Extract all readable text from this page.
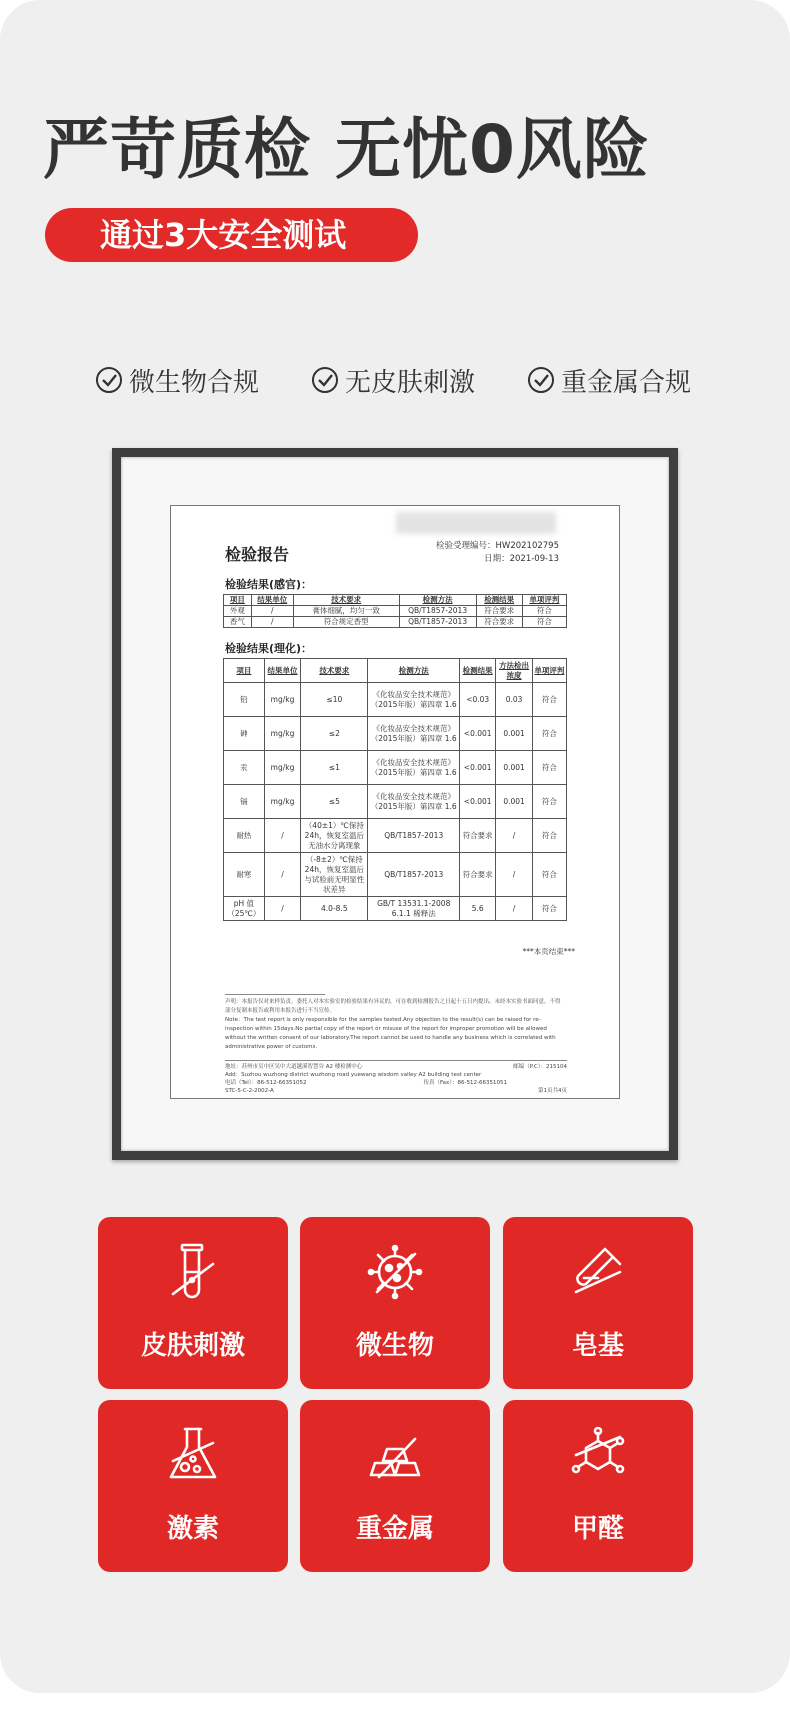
严苛质检 无忧0风险
通过3大安全测试
微生物合规	无皮肤刺激	重金属合规
检验报告	检验受理编号：HW202102795
日期：2021-09-13
检验结果(感官)：
项目	结果单位	技术要求	检测方法	检测结果	单项评判
外观	/	膏体细腻，均匀一致	QB/T1857-2013	符合要求	符合
香气	/	符合规定香型	QB/T1857-2013	符合要求	符合
检验结果(理化)：
项目	结果单位	技术要求	检测方法	检测结果	方法检出浓度	单项评判
铅	mg/kg	≤10	《化妆品安全技术规范》（2015年版）第四章 1.6	<0.03	0.03	符合
砷	mg/kg	≤2	《化妆品安全技术规范》（2015年版）第四章 1.6	<0.001	0.001	符合
汞	mg/kg	≤1	《化妆品安全技术规范》（2015年版）第四章 1.6	<0.001	0.001	符合
镉	mg/kg	≤5	《化妆品安全技术规范》（2015年版）第四章 1.6	<0.001	0.001	符合
耐热	/	（40±1）℃保持24h，恢复室温后无油水分离现象	QB/T1857-2013	符合要求	/	符合
耐寒	/	（-8±2）℃保持24h，恢复室温后与试验前无明显性状差异	QB/T1857-2013	符合要求	/	符合
pH 值（25℃）	/	4.0-8.5	GB/T 13531.1-2008 6.1.1 稀释法	5.6	/	符合
***本页结束***
声明：本报告仅对来样负责。委托人对本实验室的检验结果有异议的，可在收到检测报告之日起十五日内提出。未经本实验书面同意，不得部分复制本报告或利用本报告进行不当宣传。
Note：The test report is only responsible for the samples tested.Any objection to the result(s) can be raised for re-inspection within 15days.No partial copy of the report or misuse of the report for improper promotion will be allowed without the written consent of our laboratory.The report cannot be used to handle any business which is correlated with administrative power of customs.
地址：苏州市吴中区吴中大道越溪智慧谷 A2 楼检测中心	邮编（P.C）：215104
Add：Suzhou wuzhong district wuzhong road yuewang wisdom valley A2 building test center
电话（Tel）：86-512-66351052	传真（Fax）：86-512-66351051
STC-5-C-2-2002-A	第1页共4页
皮肤刺激	微生物	皂基
激素	重金属	甲醛
